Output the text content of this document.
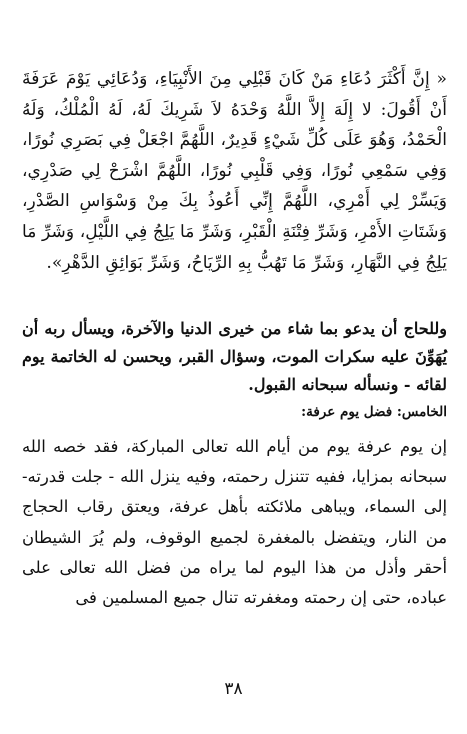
« إِنَّ أَكْثَرَ دُعَاءِ مَنْ كَانَ قَبْلِي مِنَ الأَنْبِيَاءِ، وَدُعَائِي يَوْمَ عَرَفَةَ أَنْ أَقُولَ: لا إِلَهَ إِلاَّ اللَّهُ وَحْدَهُ لاَ شَرِيكَ لَهُ، لَهُ الْمُلْكُ، وَلَهُ الْحَمْدُ، وَهُوَ عَلَى كُلِّ شَيْءٍ قَدِيرٌ، اللَّهُمَّ اجْعَلْ فِي بَصَرِي نُورًا، وَفِي سَمْعِي نُورًا، وَفِي قَلْبِي نُورًا، اللَّهُمَّ اشْرَحْ لِي صَدْرِي، وَيَسِّرْ لِي أَمْرِي، اللَّهُمَّ إِنِّي أَعُوذُ بِكَ مِنْ وَسْوَاسِ الصَّدْرِ، وَشَتَاتِ الأَمْرِ، وَشَرِّ فِتْنَةِ الْقَبْرِ، وَشَرِّ مَا يَلِجُ فِي اللَّيْلِ، وَشَرِّ مَا يَلِجُ فِي النَّهَارِ، وَشَرِّ مَا تَهُبُّ بِهِ الرِّيَاحُ، وَشَرِّ بَوَائِقِ الدَّهْرِ».
وللحاج أن يدعو بما شاء من خيرى الدنيا والآخرة، ويسأل ربه أن يُهَوِّنَ عليه سكرات الموت، وسؤال القبر، ويحسن له الخاتمة يوم لقائه - ونسأله سبحانه القبول.
الخامس: فضل يوم عرفة:
إن يوم عرفة يوم من أيام الله تعالى المباركة، فقد خصه الله سبحانه بمزايا، ففيه تتنزل رحمته، وفيه ينزل الله - جلت قدرته- إلى السماء، ويباهى ملائكته بأهل عرفة، ويعتق رقاب الحجاج من النار، ويتفضل بالمغفرة لجميع الوقوف، ولم يُرَ الشيطان أحقر وأذل من هذا اليوم لما يراه من فضل الله تعالى على عباده، حتى إن رحمته ومغفرته تنال جميع المسلمين فى
٣٨
